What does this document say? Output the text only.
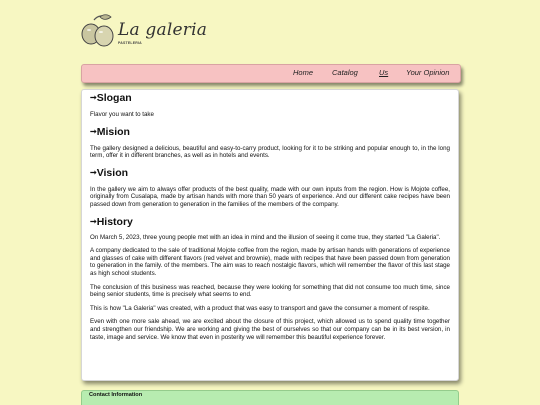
La galeria
PASTELERIA
Home	Catalog	Us Your Opinion
➞Slogan

Flavor you want to take

➞Mision

The gallery designed a delicious, beautiful and easy-to-carry product, looking for it to be striking and popular enough to, in the long term, offer it in different branches, as well as in hotels and events.

➞Vision

In the gallery we aim to always offer products of the best quality, made with our own inputs from the region. How is Mojote coffee, originally from Cusalapa, made by artisan hands with more than 50 years of experience. And our different cake recipes have been passed down from generation to generation in the families of the members of the company.

➞History

On March 5, 2023, three young people met with an idea in mind and the illusion of seeing it come true, they started "La Galeria".

A company dedicated to the sale of traditional Mojote coffee from the region, made by artisan hands with generations of experience and glasses of cake with different flavors (red velvet and brownie), made with recipes that have been passed down from generation to generation in the family. of the members. The aim was to reach nostalgic flavors, which will remember the flavor of this last stage as high school students.

The conclusion of this business was reached, because they were looking for something that did not consume too much time, since being senior students, time is precisely what seems to end.

This is how "La Galeria" was created, with a product that was easy to transport and gave the consumer a moment of respite.

Even with one more sale ahead, we are excited about the closure of this project, which allowed us to spend quality time together and strengthen our friendship. We are working and giving the best of ourselves so that our company can be in its best version, in taste, image and service. We know that even in posterity we will remember this beautiful experience forever.

Contact Information
